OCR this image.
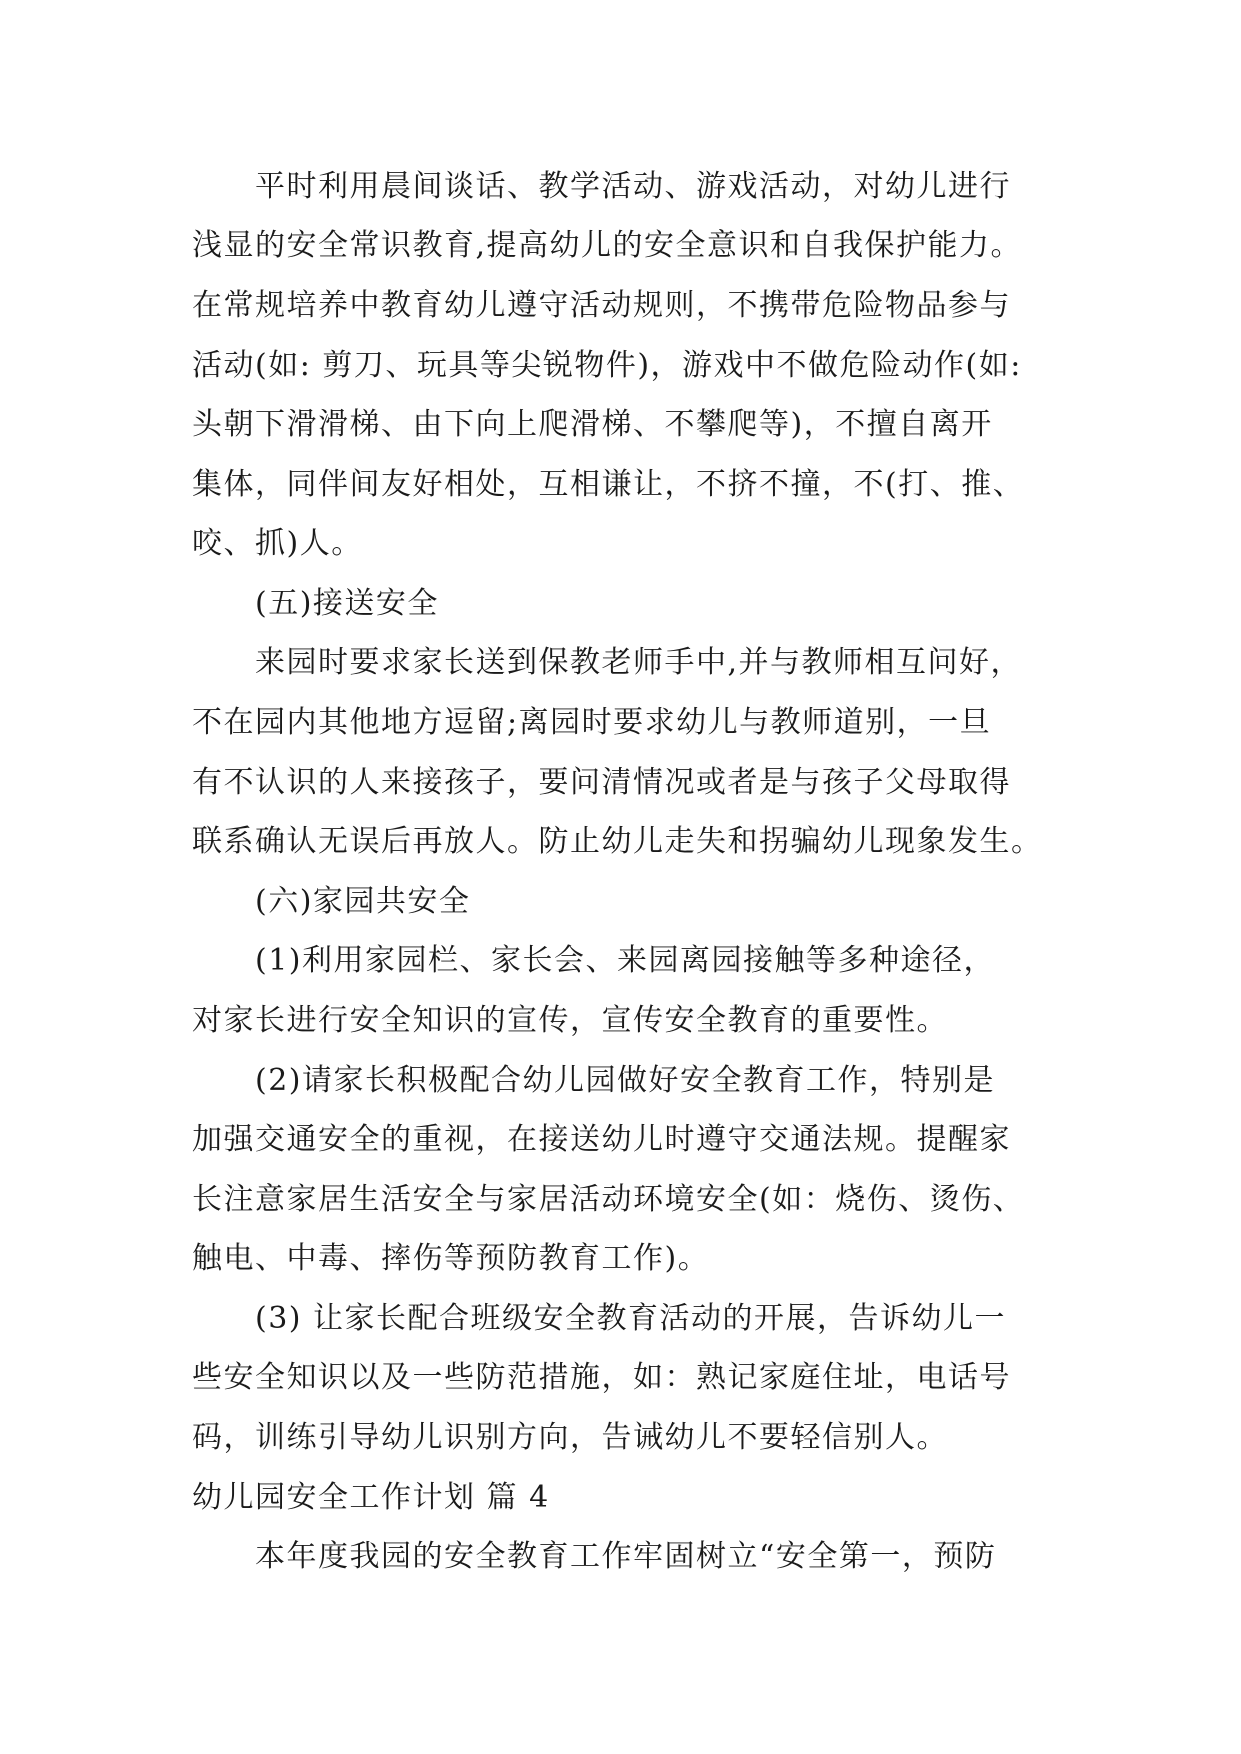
平时利用晨间谈话、教学活动、游戏活动，对幼儿进行
浅显的安全常识教育,提高幼儿的安全意识和自我保护能力。
在常规培养中教育幼儿遵守活动规则，不携带危险物品参与
活动(如: 剪刀、玩具等尖锐物件)，游戏中不做危险动作(如:
头朝下滑滑梯、由下向上爬滑梯、不攀爬等)，不擅自离开
集体，同伴间友好相处，互相谦让，不挤不撞，不(打、推、
咬、抓)人。
(五)接送安全
来园时要求家长送到保教老师手中,并与教师相互问好，
不在园内其他地方逗留;离园时要求幼儿与教师道别，一旦
有不认识的人来接孩子，要问清情况或者是与孩子父母取得
联系确认无误后再放人。防止幼儿走失和拐骗幼儿现象发生。
(六)家园共安全
(1)利用家园栏、家长会、来园离园接触等多种途径，
对家长进行安全知识的宣传，宣传安全教育的重要性。
(2)请家长积极配合幼儿园做好安全教育工作，特别是
加强交通安全的重视，在接送幼儿时遵守交通法规。提醒家
长注意家居生活安全与家居活动环境安全(如：烧伤、烫伤、
触电、中毒、摔伤等预防教育工作)。
(3) 让家长配合班级安全教育活动的开展，告诉幼儿一
些安全知识以及一些防范措施，如：熟记家庭住址，电话号
码，训练引导幼儿识别方向，告诫幼儿不要轻信别人。
幼儿园安全工作计划 篇 4
本年度我园的安全教育工作牢固树立“安全第一，预防
